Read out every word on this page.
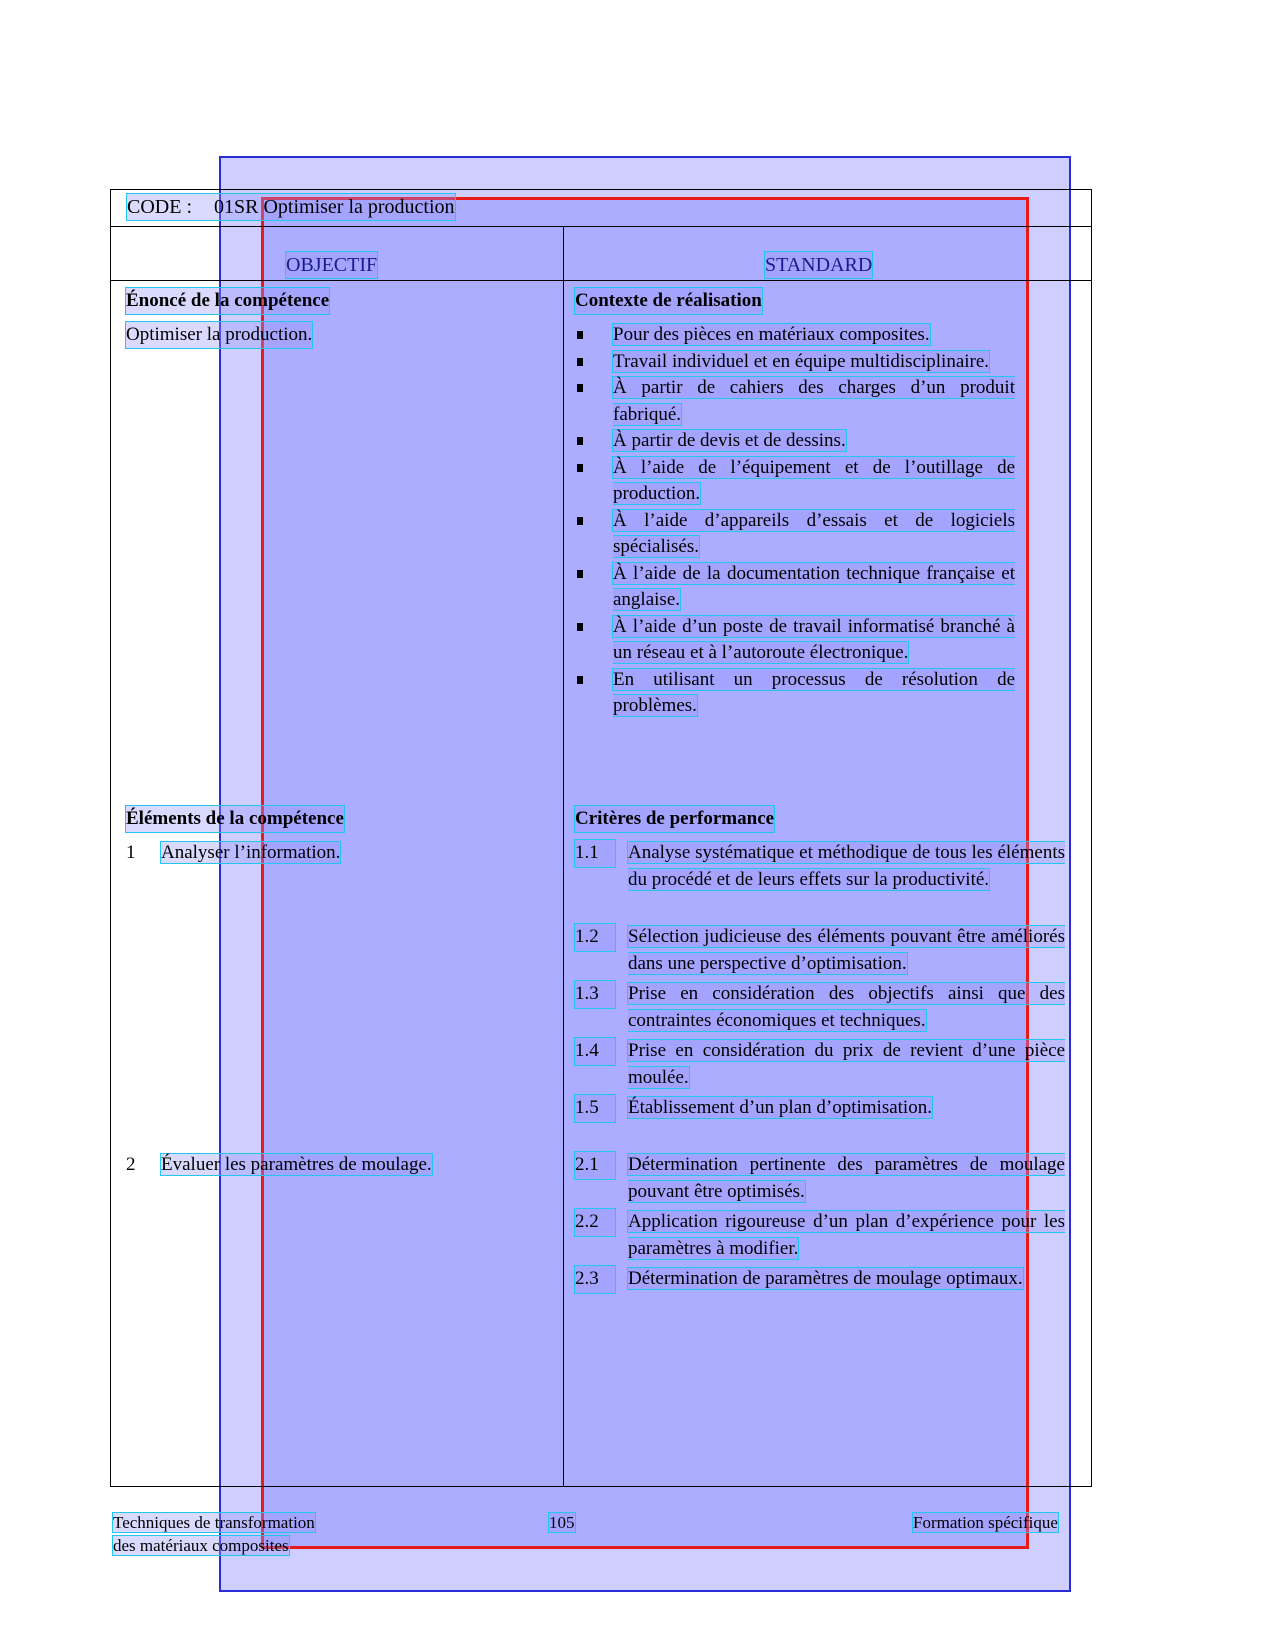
CODE : 01SR Optimiser la production
OBJECTIF	STANDARD
Énoncé de la compétence
Optimiser la production.
Contexte de réalisation
Pour des pièces en matériaux composites.
Travail individuel et en équipe multidisciplinaire.
À partir de cahiers des charges d’un produit fabriqué.
À partir de devis et de dessins.
À l’aide de l’équipement et de l’outillage de production.
À l’aide d’appareils d’essais et de logiciels spécialisés.
À l’aide de la documentation technique française et anglaise.
À l’aide d’un poste de travail informatisé branché à un réseau et à l’autoroute électronique.
En utilisant un processus de résolution de problèmes.
Éléments de la compétence	Critères de performance
1 Analyser l’information.	1.1	Analyse systématique et méthodique de tous les éléments du procédé et de leurs effets sur la productivité.
1.2	Sélection judicieuse des éléments pouvant être améliorés dans une perspective d’optimisation.
1.3	Prise en considération des objectifs ainsi que des contraintes économiques et techniques.
1.4	Prise en considération du prix de revient d’une pièce moulée.
1.5	Établissement d’un plan d’optimisation.
2 Évaluer les paramètres de moulage.	2.1	Détermination pertinente des paramètres de moulage pouvant être optimisés.
2.2	Application rigoureuse d’un plan d’expérience pour les paramètres à modifier.
2.3	Détermination de paramètres de moulage optimaux.
Techniques de transformation
des matériaux composites
105	Formation spécifique
